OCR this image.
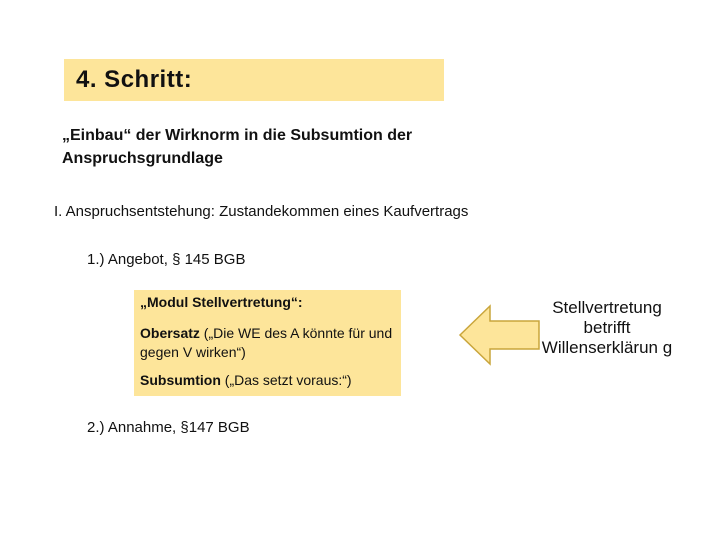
4. Schritt:
„Einbau“ der Wirknorm in die Subsumtion der Anspruchsgrundlage
I. Anspruchsentstehung: Zustandekommen eines Kaufvertrags
1.) Angebot, § 145 BGB
„Modul Stellvertretung“:
Obersatz („Die WE des A könnte für und gegen V wirken“)
Subsumtion („Das setzt voraus:“)
2.) Annahme, §147 BGB
Stellvertretung betrifft Willenserklärun g
